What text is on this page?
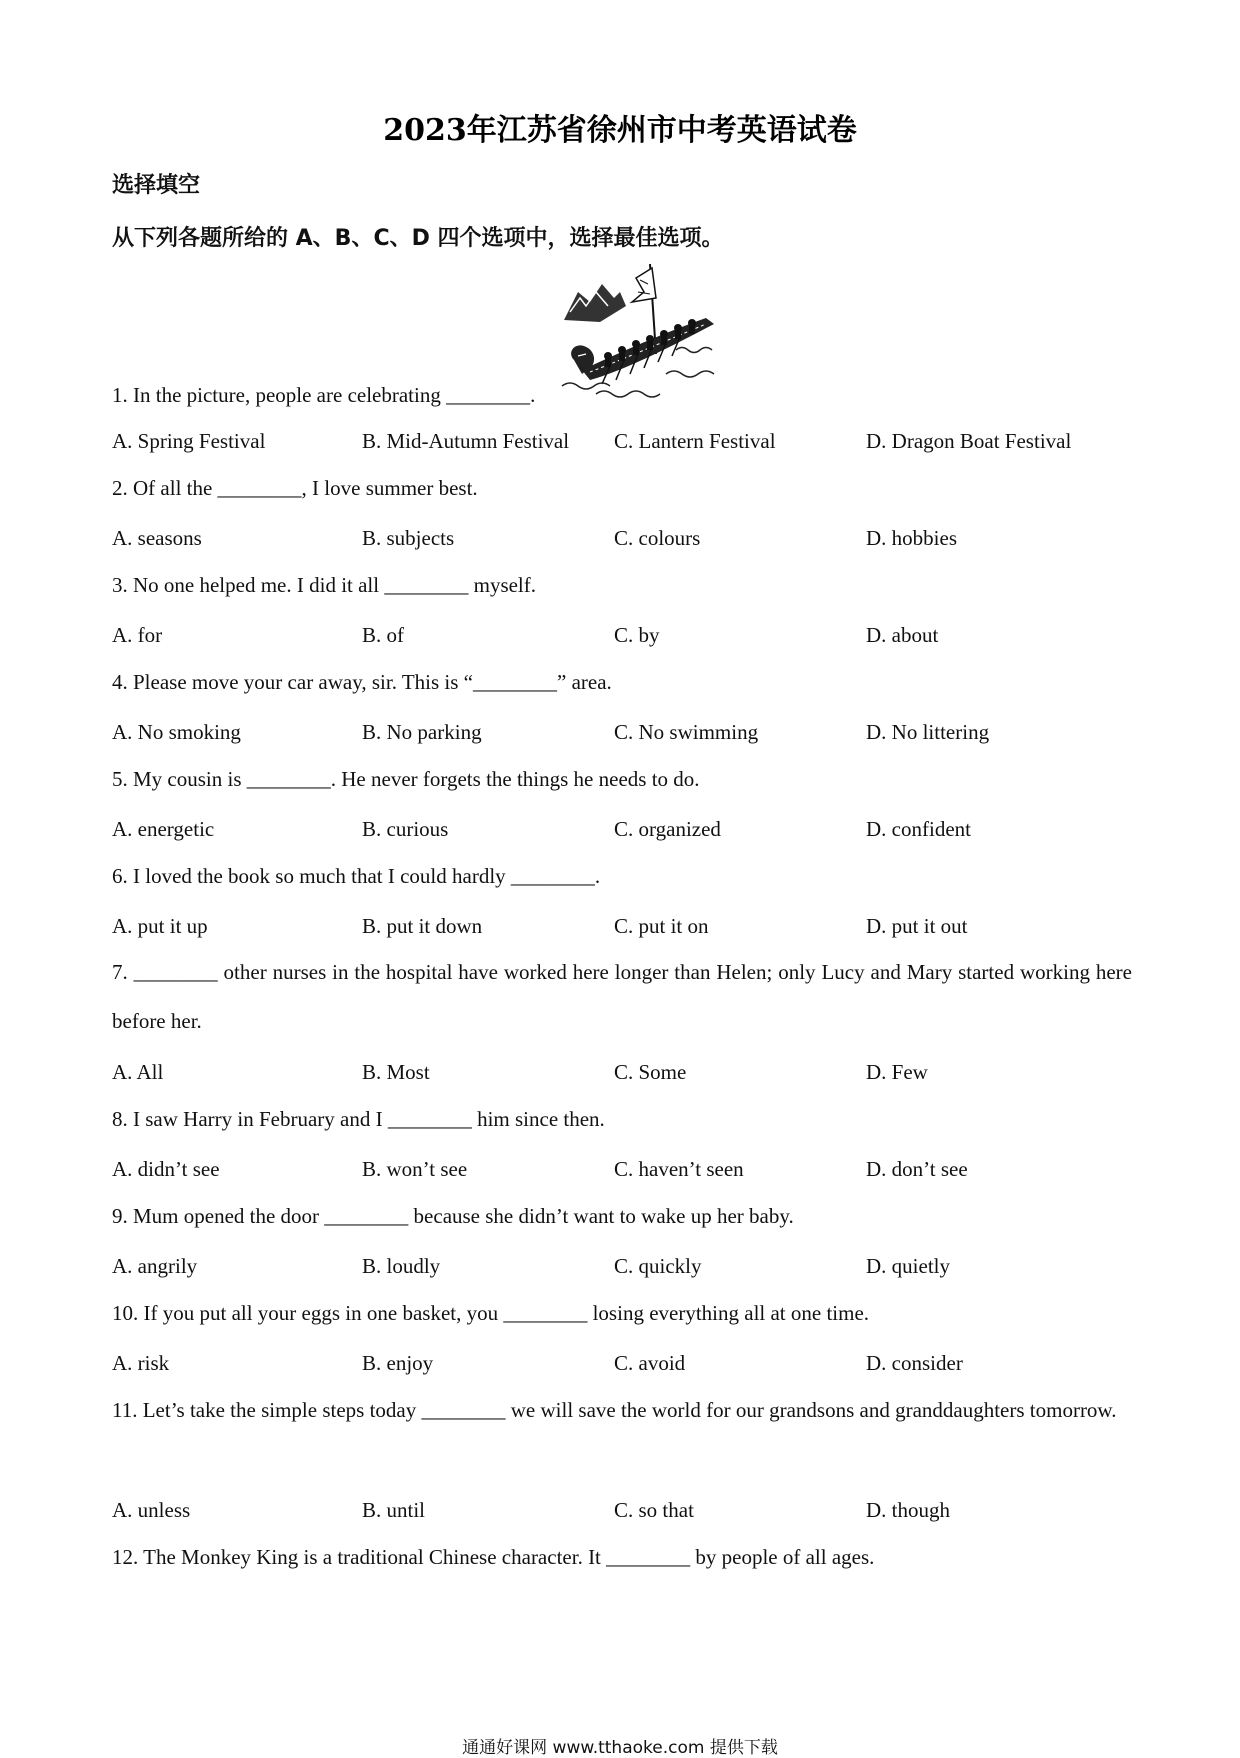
2023年江苏省徐州市中考英语试卷
选择填空
从下列各题所给的 A、B、C、D 四个选项中，选择最佳选项。
1. In the picture, people are celebrating ________.
A. Spring Festival	B. Mid-Autumn Festival C. Lantern Festival	D. Dragon Boat Festival
2. Of all the ________, I love summer best.
A. seasons	B. subjects	C. colours	D. hobbies
3. No one helped me. I did it all ________ myself.
A. for	B. of	C. by	D. about
4. Please move your car away, sir. This is “________” area.
A. No smoking	B. No parking	C. No swimming	D. No littering
5. My cousin is ________. He never forgets the things he needs to do.
A. energetic	B. curious	C. organized	D. confident
6. I loved the book so much that I could hardly ________.
A. put it up	B. put it down	C. put it on	D. put it out
7. ________ other nurses in the hospital have worked here longer than Helen; only Lucy and Mary started working here before her.
A. All	B. Most	C. Some	D. Few
8. I saw Harry in February and I ________ him since then.
A. didn’t see	B. won’t see	C. haven’t seen	D. don’t see
9. Mum opened the door ________ because she didn’t want to wake up her baby.
A. angrily	B. loudly	C. quickly	D. quietly
10. If you put all your eggs in one basket, you ________ losing everything all at one time.
A. risk	B. enjoy	C. avoid	D. consider
11. Let’s take the simple steps today ________ we will save the world for our grandsons and granddaughters tomorrow.
A. unless	B. until	C. so that	D. though
12. The Monkey King is a traditional Chinese character. It ________ by people of all ages.
通通好课网 www.tthaoke.com 提供下载
